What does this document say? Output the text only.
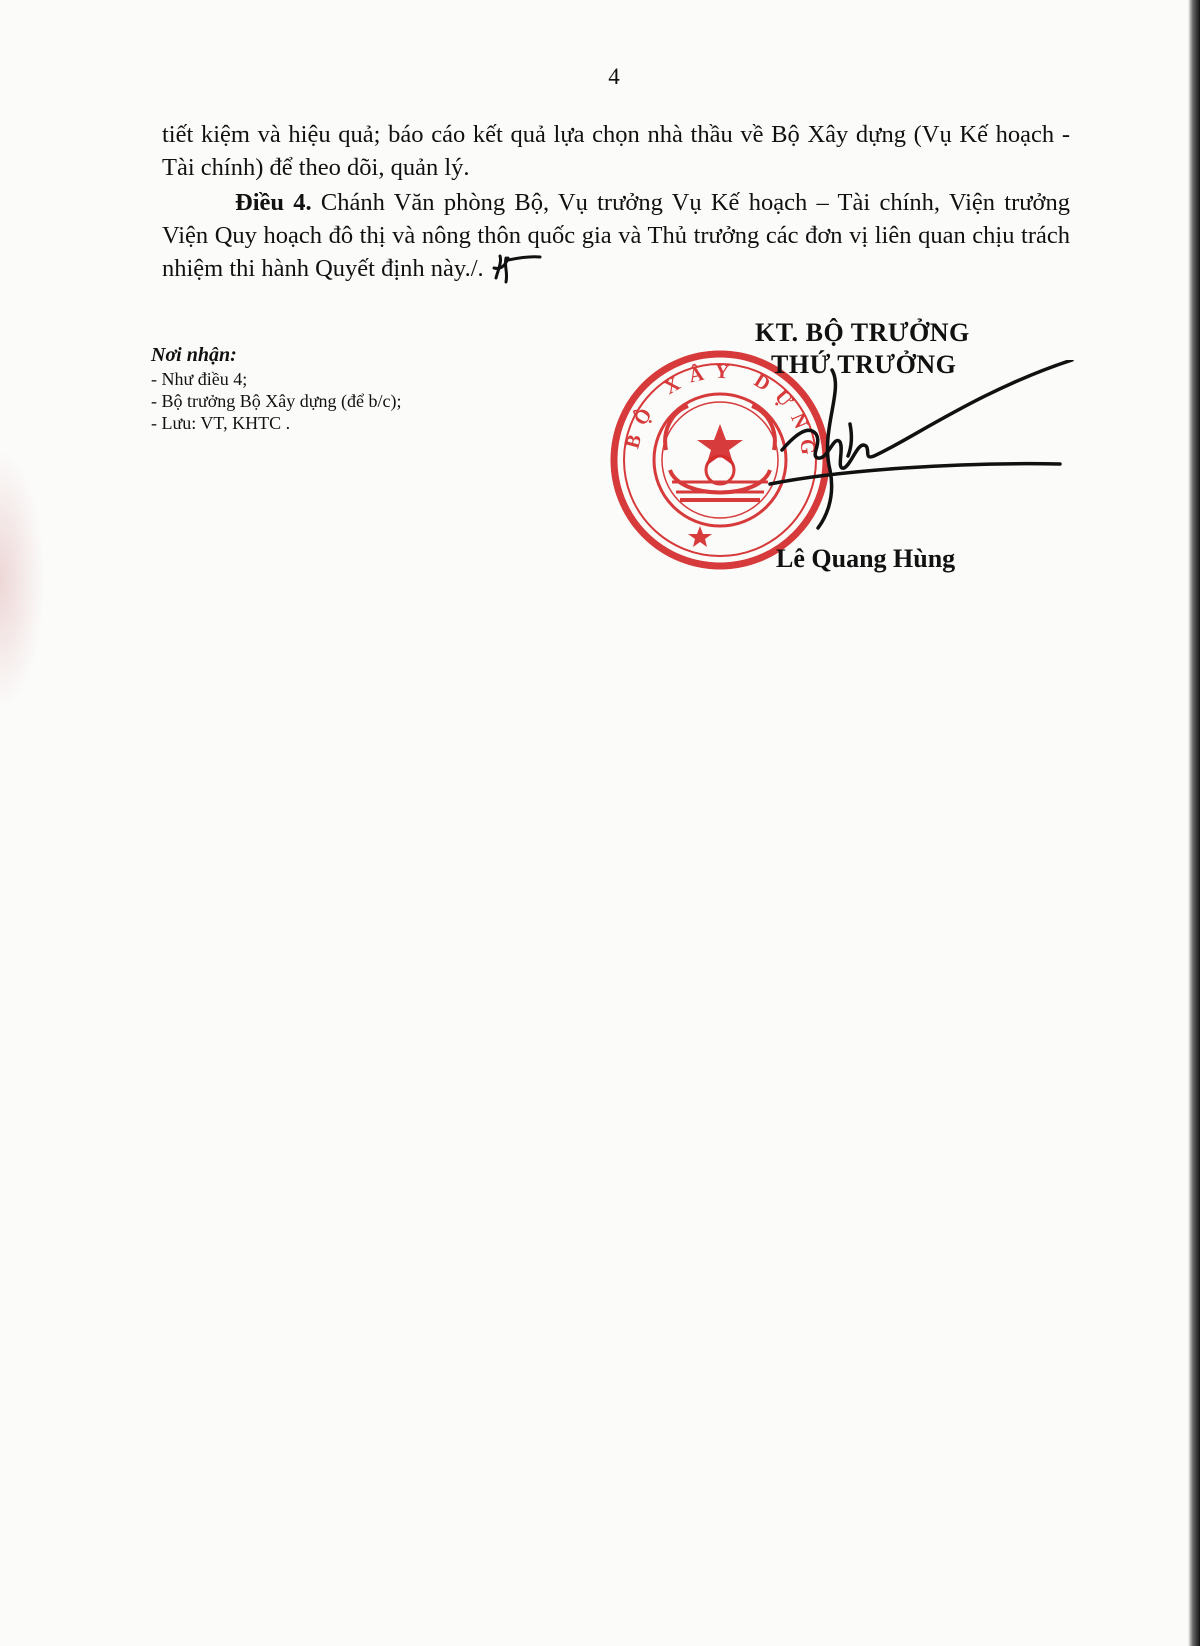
4

tiết kiệm và hiệu quả; báo cáo kết quả lựa chọn nhà thầu về Bộ Xây dựng (Vụ Kế hoạch - Tài chính) để theo dõi, quản lý.

Điều 4. Chánh Văn phòng Bộ, Vụ trưởng Vụ Kế hoạch – Tài chính, Viện trưởng Viện Quy hoạch đô thị và nông thôn quốc gia và Thủ trưởng các đơn vị liên quan chịu trách nhiệm thi hành Quyết định này./.

Nơi nhận:
- Như điều 4;
- Bộ trưởng Bộ Xây dựng (để b/c);
- Lưu: VT, KHTC .	BỘ XÂY DỰNG
KT. BỘ TRƯỞNG
THỨ TRƯỞNG
Lê Quang Hùng
